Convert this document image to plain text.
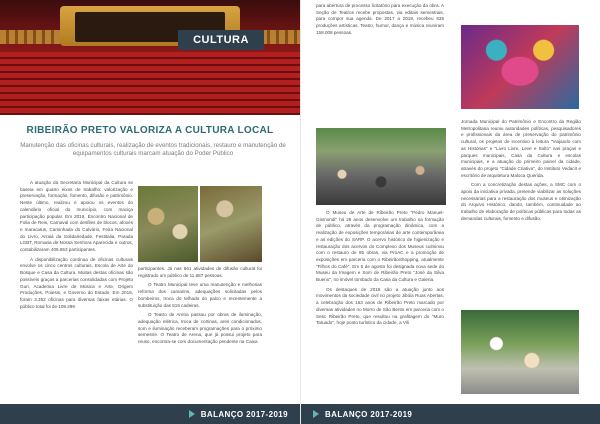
CULTURA
RIBEIRÃO PRETO VALORIZA A CULTURA LOCAL
Manutenção das oficinas culturais, realização de eventos tradicionais, restauro e manutenção de equipamentos culturais marcam atuação do Poder Público

A atuação da Secretaria Municipal da Cultura se baseia em quatro eixos de trabalho: valorização e preservação, formação, fomento, difusão e patrimônio. Neste último, realizou e apoiou os eventos do calendário oficial do município, com maciça participação popular. Em 2019, Encontro Nacional de Folia de Reis, Carnaval com desfiles de blocos, afoxés e maracatus, Caminhada do Calvário, Feira Nacional do Livro, Arraiá da Solidariedade, Festitalia, Parada LGBT, Romaria de Nossa Senhora Aparecida e outros, contabilizaram 406.653 participantes.

A disponibilização contínua de oficinas culturais envolve os cinco centros culturais, Escola de Arte do Bosque e Casa da Cultura. Muitas destas oficinas são possíveis graças a parcerias consolidadas com Projeto Guri, Academia Livre de Música e Arte, Origem Produções, Poiesis, e Governo do Estado. Em 2019, foram 3.352 oficinas para diversas faixas etárias. O público total foi de 109.299

participantes. Já nas 661 atividades de difusão cultural foi registrado um público de 11.687 pessoas.

O Teatro Municipal teve uma manutenção e melhorias reforma dos camarins, adequações solicitadas pelos bombeiros, troca do telhado do palco e recentemente a substituição das 515 cadeiras.

O Teatro de Arena passou por obras de iluminação, adequação elétrica, troca de cortinas, ares condicionados, som e iluminação receberam programações para o próximo semestre. O Teatro de Arena, que já possui projeto para reuso, encontra-se com documentação pendente na Caixa

BALANÇO 2017-2019

para abertura de processo licitatório para execução da obra. A Seção de Teatros recebe propostas, via editais semestrais, para compor sua agenda. De 2017 a 2019, recebeu 635 produções artísticas. Teatro, humor, dança e música reuniram 158.008 pessoas.

O Museu de Arte de Ribeirão Preto "Pedro Manuel-Gismondi" há 26 anos desenvolve um trabalho na formação de público, através da programação dinâmica, com a realização de exposições temporárias de arte contemporânea e as edições do SARP. O acervo histórico de higienização e restauração dos acervos do Complexo dos Museus culminou com o restauro de 85 obras, via ProAC e a promoção de exposições em parceria com o RibeirãoShopping, atualmente "Filhos do Café". Em 5 de agosto foi designada nova sede do Museu da Imagem e Som de Ribeirão Preto "José da Silva Bueno", no imóvel tombado da Casa da Cultura e Galeria.

Os destaques de 2019 são a atuação junto aos movimentos da sociedade civil no projeto Jibóia Ruas Abertas, a celebração dos 153 anos de Ribeirão Preto marcado por diversas atividades no Morro de São Bento em parceria com o Sesc Ribeirão Preto, que resultou na grafitagem do "Muro Tatuado", hoje ponto turístico da cidade, a Vili

Jornada Municipal do Patrimônio e Encontro da Região Metropolitana reuniu autoridades políticas, pesquisadores e profissionais da área de preservação do patrimônio cultural, os projetos de incentivo à leitura "Viajando com as Histórias" e "Livro Livre, Leve e Solto" nas praças e parques municipais, Casa da Cultura e escolas municipais, e a atuação do primeiro painel da cidade, através do projeto "Cidade Criativa", do Instituto Vedacit e escritório de arquitetura Maloca Querida.

Com a concretização destas ações, a SMC com o apoio da iniciativa privada, pretende viabilizar as soluções necessárias para a restauração dos museus e otimização do Arquivo Histórico, dando, também, continuidade ao trabalho de elaboração de políticas públicas para todas as demandas culturais, fomento e difusão.

BALANÇO 2017-2019
